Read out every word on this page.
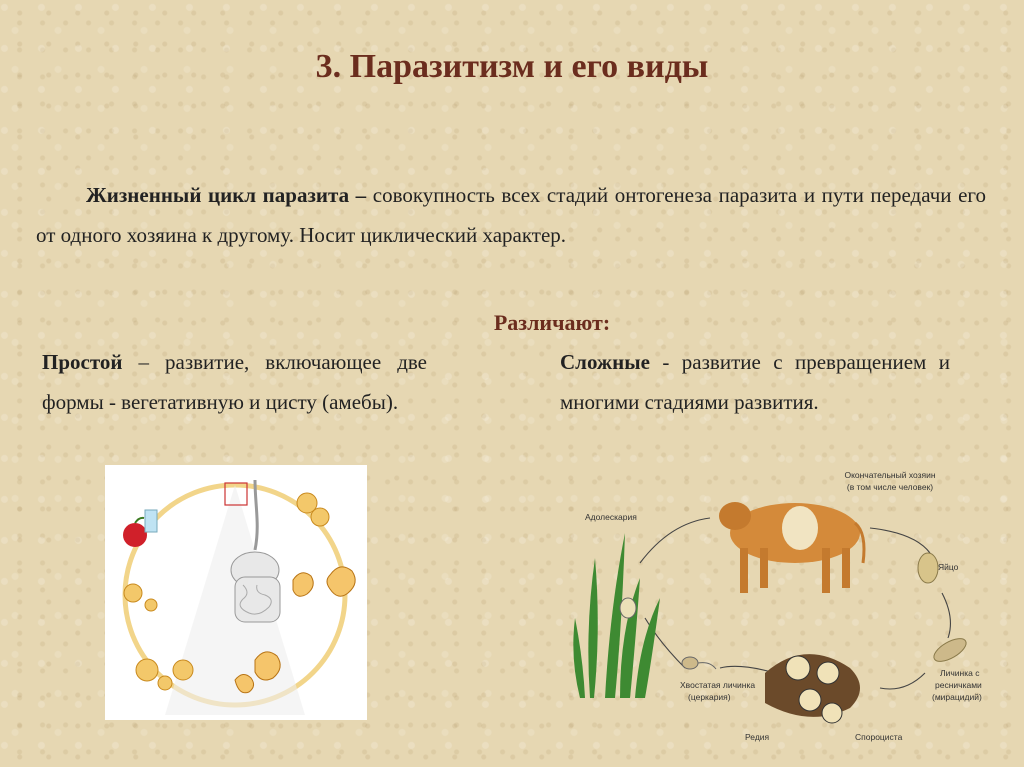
3. Паразитизм и его виды
Жизненный цикл паразита – совокупность всех стадий онтогенеза паразита и пути передачи его от одного хозяина к другому. Носит циклический характер.
Различают:
Простой – развитие, включающее две формы - вегетативную и цисту (амебы).
Сложные - развитие с превращением и многими стадиями развития.
Окончательный хозяин
(в том числе человек)
Яйцо
Личинка с
ресничками
(мирацидий)
Спороциста
Редия
Хвостатая личинка
(церкария)
Адолескария
